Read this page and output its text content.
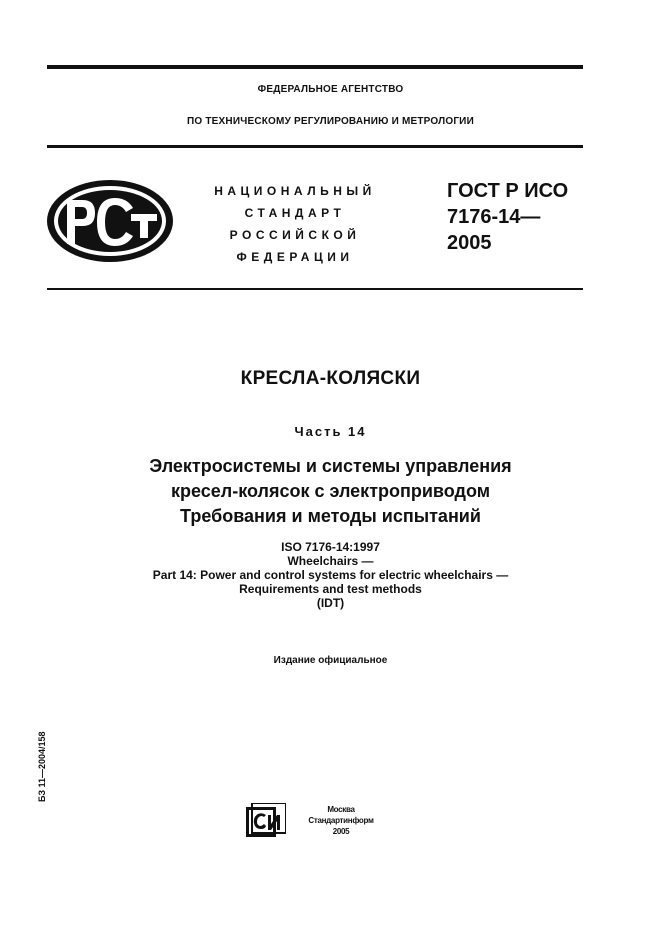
ФЕДЕРАЛЬНОЕ АГЕНТСТВО
ПО ТЕХНИЧЕСКОМУ РЕГУЛИРОВАНИЮ И МЕТРОЛОГИИ
НАЦИОНАЛЬНЫЙ
СТАНДАРТ
РОССИЙСКОЙ
ФЕДЕРАЦИИ
ГОСТ Р ИСО
7176-14—
2005
КРЕСЛА-КОЛЯСКИ
Часть 14
Электросистемы и системы управления
кресел-колясок с электроприводом
Требования и методы испытаний
ISO 7176-14:1997
Wheelchairs —
Part 14: Power and control systems for electric wheelchairs —
Requirements and test methods
(IDT)
Издание официальное
БЗ 11—2004/158
Москва
Стандартинформ
2005
